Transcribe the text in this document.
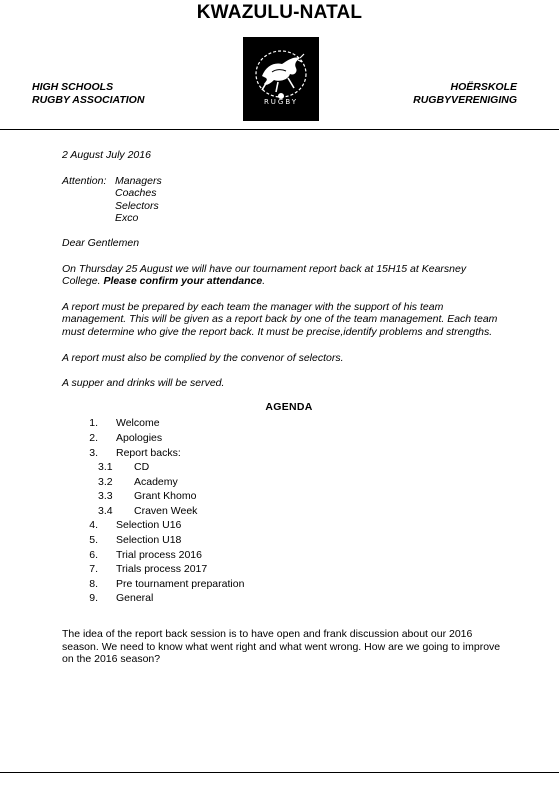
KWAZULU-NATAL
HIGH SCHOOLS
RUGBY ASSOCIATION	RUGBY
HOËRSKOLE
RUGBYVERENIGING

2 August July 2016

Attention: Managers
Coaches
Selectors
Exco

Dear Gentlemen

On Thursday 25 August we will have our tournament report back at 15H15 at Kearsney College. Please confirm your attendance.

A report must be prepared by each team the manager with the support of his team management. This will be given as a report back by one of the team management. Each team must determine who give the report back. It must be precise,identify problems and strengths.

A report must also be complied by the convenor of selectors.

A supper and drinks will be served.

AGENDA
1. Welcome
2. Apologies
3. Report backs:
3.1	CD
3.2	Academy
3.3	Grant Khomo
3.4	Craven Week
4. Selection U16
5. Selection U18
6. Trial process 2016
7. Trials process 2017
8. Pre tournament preparation
9. General

The idea of the report back session is to have open and frank discussion about our 2016 season. We need to know what went right and what went wrong. How are we going to improve on the 2016 season?
